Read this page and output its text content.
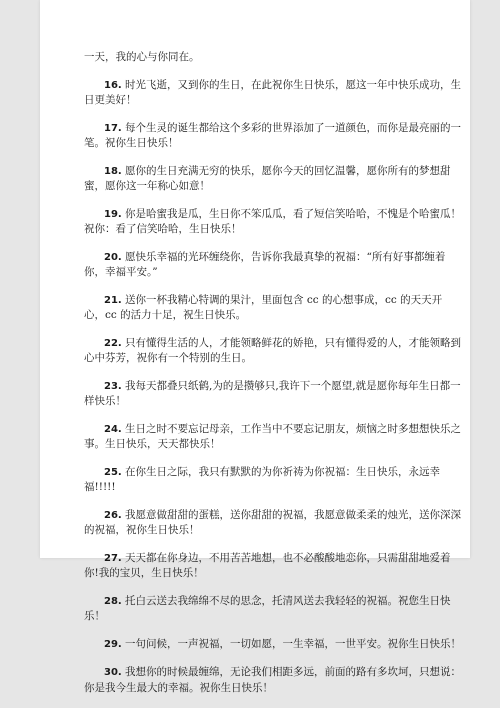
一天，我的心与你同在。

16. 时光飞逝，又到你的生日，在此祝你生日快乐，愿这一年中快乐成功，生日更美好！

17. 每个生灵的诞生都给这个多彩的世界添加了一道颜色，而你是最亮丽的一笔。祝你生日快乐！

18. 愿你的生日充满无穷的快乐，愿你今天的回忆温馨，愿你所有的梦想甜蜜，愿你这一年称心如意！

19. 你是哈蜜我是瓜，生日你不笨瓜瓜，看了短信笑哈哈，不愧是个哈蜜瓜！祝你：看了信笑哈哈，生日快乐！

20. 愿快乐幸福的光环缠绕你，告诉你我最真挚的祝福：“所有好事都缠着你，幸福平安。”

21. 送你一杯我精心特调的果汁，里面包含 cc 的心想事成，cc 的天天开心，cc 的活力十足，祝生日快乐。

22. 只有懂得生活的人，才能领略鲜花的娇艳，只有懂得爱的人，才能领略到心中芬芳，祝你有一个特别的生日。

23. 我每天都叠只纸鹤,为的是攒够只,我许下一个愿望,就是愿你每年生日都一样快乐！

24. 生日之时不要忘记母亲，工作当中不要忘记朋友，烦恼之时多想想快乐之事。生日快乐，天天都快乐！

25. 在你生日之际，我只有默默的为你祈祷为你祝福：生日快乐，永远幸福!!!!!

26. 我愿意做甜甜的蛋糕，送你甜甜的祝福，我愿意做柔柔的烛光，送你深深的祝福，祝你生日快乐！

27. 天天都在你身边，不用苦苦地想，也不必酸酸地恋你，只需甜甜地爱着你!我的宝贝，生日快乐！

28. 托白云送去我绵绵不尽的思念，托清风送去我轻轻的祝福。祝您生日快乐！

29. 一句问候，一声祝福，一切如愿，一生幸福，一世平安。祝你生日快乐！

30. 我想你的时候最缠绵，无论我们相距多远，前面的路有多坎坷，只想说：你是我今生最大的幸福。祝你生日快乐！
